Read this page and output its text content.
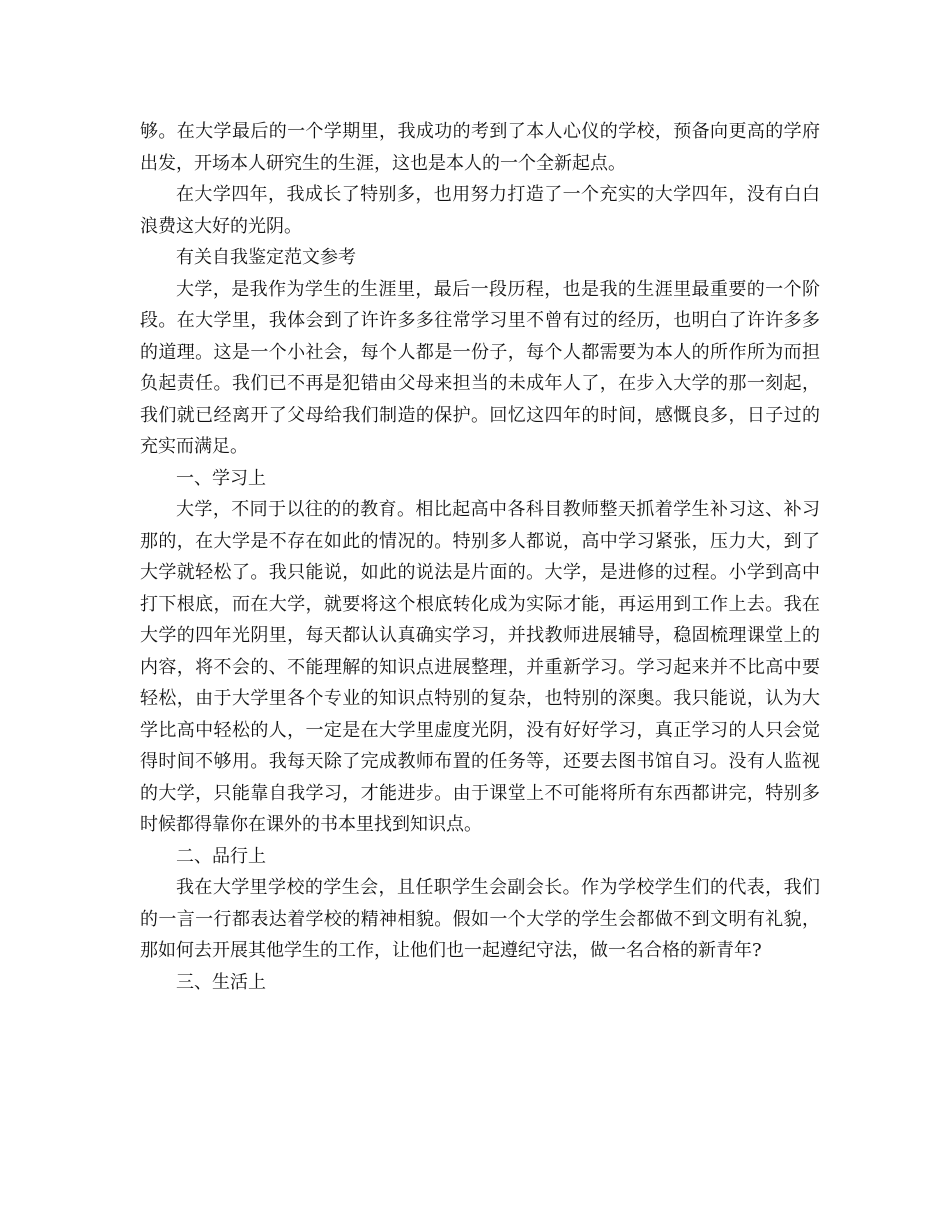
够。在大学最后的一个学期里，我成功的考到了本人心仪的学校，预备向更高的学府出发，开场本人研究生的生涯，这也是本人的一个全新起点。

在大学四年，我成长了特别多，也用努力打造了一个充实的大学四年，没有白白浪费这大好的光阴。

有关自我鉴定范文参考

大学，是我作为学生的生涯里，最后一段历程，也是我的生涯里最重要的一个阶段。在大学里，我体会到了许许多多往常学习里不曾有过的经历，也明白了许许多多的道理。这是一个小社会，每个人都是一份子，每个人都需要为本人的所作所为而担负起责任。我们已不再是犯错由父母来担当的未成年人了，在步入大学的那一刻起，我们就已经离开了父母给我们制造的保护。回忆这四年的时间，感慨良多，日子过的充实而满足。

一、学习上

大学，不同于以往的的教育。相比起高中各科目教师整天抓着学生补习这、补习那的，在大学是不存在如此的情况的。特别多人都说，高中学习紧张，压力大，到了大学就轻松了。我只能说，如此的说法是片面的。大学，是进修的过程。小学到高中打下根底，而在大学，就要将这个根底转化成为实际才能，再运用到工作上去。我在大学的四年光阴里，每天都认认真确实学习，并找教师进展辅导，稳固梳理课堂上的内容，将不会的、不能理解的知识点进展整理，并重新学习。学习起来并不比高中要轻松，由于大学里各个专业的知识点特别的复杂，也特别的深奥。我只能说，认为大学比高中轻松的人，一定是在大学里虚度光阴，没有好好学习，真正学习的人只会觉得时间不够用。我每天除了完成教师布置的任务等，还要去图书馆自习。没有人监视的大学，只能靠自我学习，才能进步。由于课堂上不可能将所有东西都讲完，特别多时候都得靠你在课外的书本里找到知识点。

二、品行上

我在大学里学校的学生会，且任职学生会副会长。作为学校学生们的代表，我们的一言一行都表达着学校的精神相貌。假如一个大学的学生会都做不到文明有礼貌，那如何去开展其他学生的工作，让他们也一起遵纪守法，做一名合格的新青年?

三、生活上
